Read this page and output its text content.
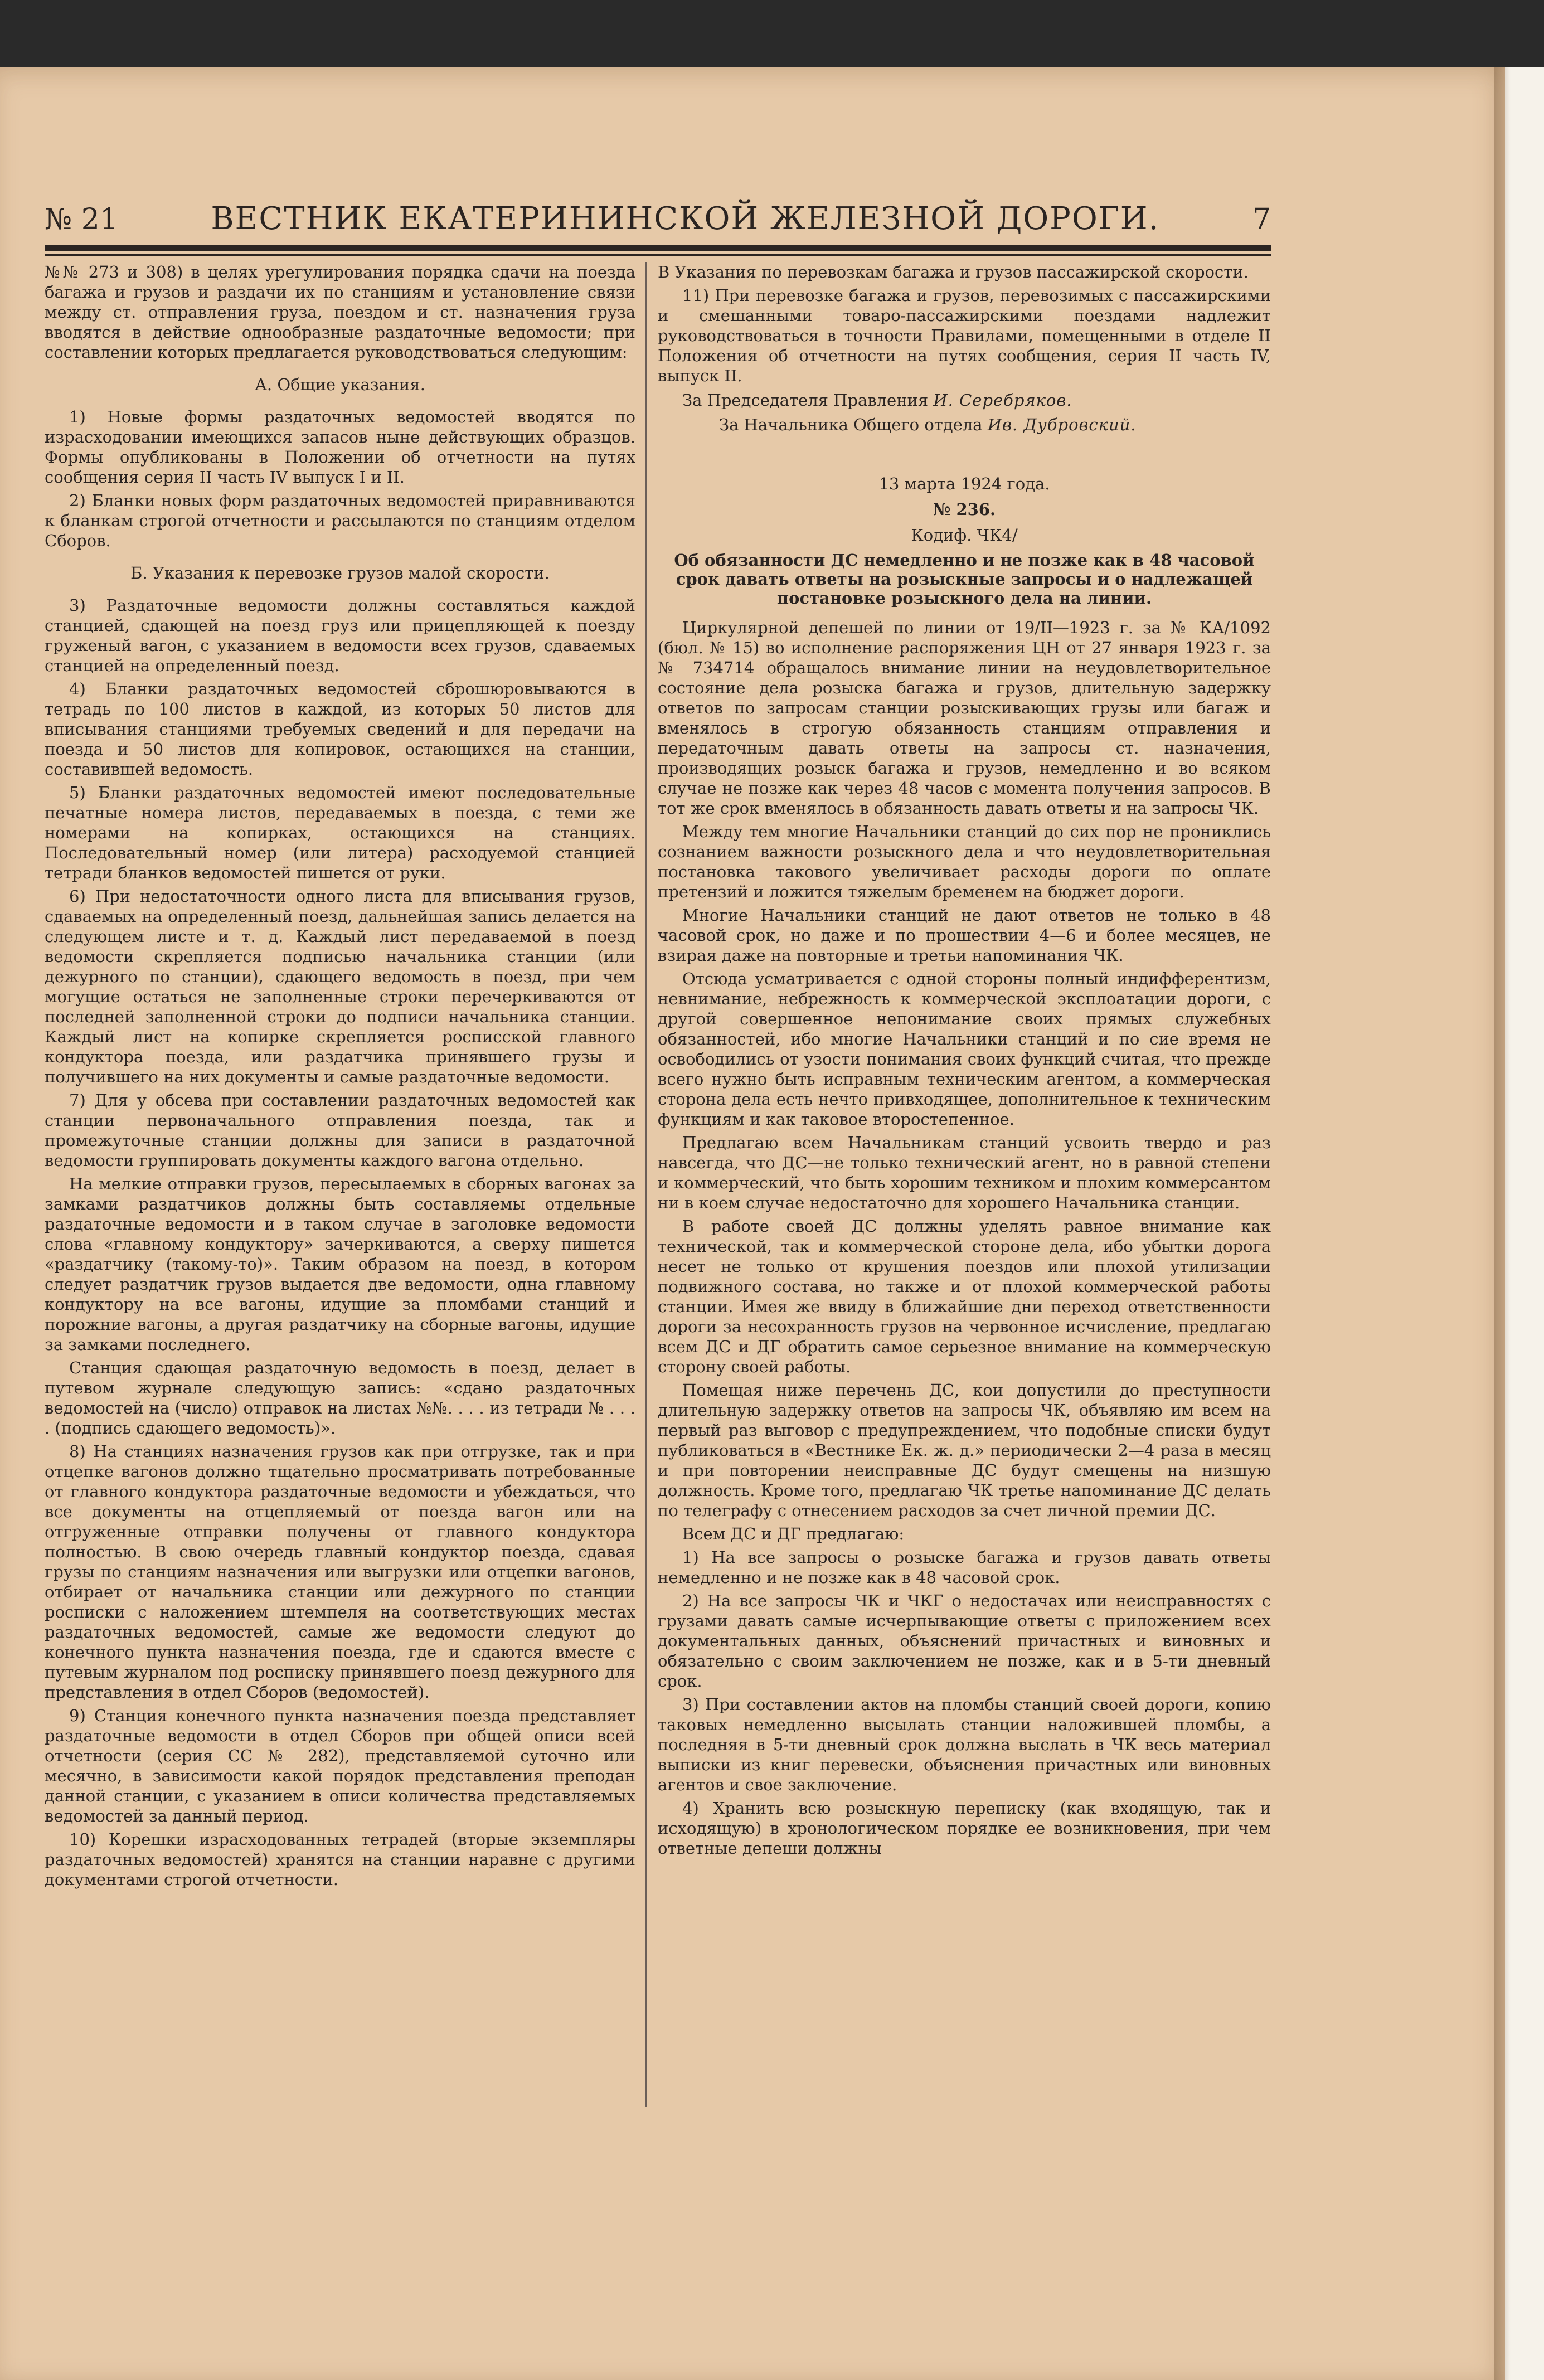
№ 21	ВЕСТНИК ЕКАТЕРИНИНСКОЙ ЖЕЛЕЗНОЙ ДОРОГИ.	7

№№ 273 и 308) в целях урегулирования порядка сдачи на поезда багажа и грузов и раздачи их по станциям и установление связи между ст. отправления груза, поездом и ст. назначения груза вводятся в действие однообразные раздаточные ведомости; при составлении которых предлагается руководствоваться следующим:

А. Общие указания.

1) Новые формы раздаточных ведомостей вводятся по израсходовании имеющихся запасов ныне действующих образцов. Формы опубликованы в Положении об отчетности на путях сообщения серия II часть IV выпуск I и II.

2) Бланки новых форм раздаточных ведомостей приравниваются к бланкам строгой отчетности и рассылаются по станциям отделом Сборов.

Б. Указания к перевозке грузов малой скорости.

3) Раздаточные ведомости должны составляться каждой станцией, сдающей на поезд груз или прицепляющей к поезду груженый вагон, с указанием в ведомости всех грузов, сдаваемых станцией на определенный поезд.

4) Бланки раздаточных ведомостей сброшюровываются в тетрадь по 100 листов в каждой, из которых 50 листов для вписывания станциями требуемых сведений и для передачи на поезда и 50 листов для копировок, остающихся на станции, составившей ведомость.

5) Бланки раздаточных ведомостей имеют последовательные печатные номера листов, передаваемых в поезда, с теми же номерами на копирках, остающихся на станциях. Последовательный номер (или литера) расходуемой станцией тетради бланков ведомостей пишется от руки.

6) При недостаточности одного листа для вписывания грузов, сдаваемых на определенный поезд, дальнейшая запись делается на следующем листе и т. д. Каждый лист передаваемой в поезд ведомости скрепляется подписью начальника станции (или дежурного по станции), сдающего ведомость в поезд, при чем могущие остаться не заполненные строки перечеркиваются от последней заполненной строки до подписи начальника станции. Каждый лист на копирке скрепляется росписской главного кондуктора поезда, или раздатчика принявшего грузы и получившего на них документы и самые раздаточные ведомости.

7) Для у обсева при составлении раздаточных ведомостей как станции первоначального отправления поезда, так и промежуточные станции должны для записи в раздаточной ведомости группировать документы каждого вагона отдельно.

На мелкие отправки грузов, пересылаемых в сборных вагонах за замками раздатчиков должны быть составляемы отдельные раздаточные ведомости и в таком случае в заголовке ведомости слова «главному кондуктору» зачеркиваются, а сверху пишется «раздатчику (такому-то)». Таким образом на поезд, в котором следует раздатчик грузов выдается две ведомости, одна главному кондуктору на все вагоны, идущие за пломбами станций и порожние вагоны, а другая раздатчику на сборные вагоны, идущие за замками последнего.

Станция сдающая раздаточную ведомость в поезд, делает в путевом журнале следующую запись: «сдано раздаточных ведомостей на (число) отправок на листах №№. . . . из тетради № . . . . (подпись сдающего ведомость)».

8) На станциях назначения грузов как при отгрузке, так и при отцепке вагонов должно тщательно просматривать потребованные от главного кондуктора раздаточные ведомости и убеждаться, что все документы на отцепляемый от поезда вагон или на отгруженные отправки получены от главного кондуктора полностью. В свою очередь главный кондуктор поезда, сдавая грузы по станциям назначения или выгрузки или отцепки вагонов, отбирает от начальника станции или дежурного по станции роспиcки с наложением штемпеля на соответствующих местах раздаточных ведомостей, самые же ведомости следуют до конечного пункта назначения поезда, где и сдаются вместе с путевым журналом под роспиcку принявшего поезд дежурного для представления в отдел Сборов (ведомостей).

9) Станция конечного пункта назначения поезда представляет раздаточные ведомости в отдел Сборов при общей описи всей отчетности (серия СС № 282), представляемой суточно или месячно, в зависимости какой порядок представления преподан данной станции, с указанием в описи количества представляемых ведомостей за данный период.

10) Корешки израсходованных тетрадей (вторые экземпляры раздаточных ведомостей) хранятся на станции наравне с другими документами строгой отчетности.

В Указания по перевозкам багажа и грузов пассажирской скорости.

11) При перевозке багажа и грузов, перевозимых с пассажирскими и смешанными товаро-пассажирскими поездами надлежит руководствоваться в точности Правилами, помещенными в отделе II Положения об отчетности на путях сообщения, серия II часть IV, выпуск II.

За Председателя Правления И. Серебряков.

За Начальника Общего отдела Ив. Дубровский.

13 марта 1924 года.

№ 236.

Кодиф. ЧК4/

Об обязанности ДС немедленно и не позже как в 48 часовой срок давать ответы на розыскные запросы и о надлежащей постановке розыскного дела на линии.

Циркулярной депешей по линии от 19/II—1923 г. за № КА/1092 (бюл. № 15) во исполнение распоряжения ЦН от 27 января 1923 г. за № 734714 обращалось внимание линии на неудовлетворительное состояние дела розыска багажа и грузов, длительную задержку ответов по запросам станции розыскивающих грузы или багаж и вменялось в строгую обязанность станциям отправления и передаточным давать ответы на запросы ст. назначения, производящих розыск багажа и грузов, немедленно и во всяком случае не позже как через 48 часов с момента получения запросов. В тот же срок вменялось в обязанность давать ответы и на запросы ЧК.

Между тем многие Начальники станций до сих пор не прониклись сознанием важности розыскного дела и что неудовлетворительная постановка такового увеличивает расходы дороги по оплате претензий и ложится тяжелым бременем на бюджет дороги.

Многие Начальники станций не дают ответов не только в 48 часовой срок, но даже и по прошествии 4—6 и более месяцев, не взирая даже на повторные и третьи напоминания ЧК.

Отсюда усматривается с одной стороны полный индифферентизм, невнимание, небрежность к коммерческой эксплоатации дороги, с другой совершенное непонимание своих прямых служебных обязанностей, ибо многие Начальники станций и по сие время не освободились от узости понимания своих функций считая, что прежде всего нужно быть исправным техническим агентом, а коммерческая сторона дела есть нечто привходящее, дополнительное к техническим функциям и как таковое второстепенное.

Предлагаю всем Начальникам станций усвоить твердо и раз навсегда, что ДС—не только технический агент, но в равной степени и коммерческий, что быть хорошим техником и плохим коммерсантом ни в коем случае недостаточно для хорошего Начальника станции.

В работе своей ДС должны уделять равное внимание как технической, так и коммерческой стороне дела, ибо убытки дорога несет не только от крушения поездов или плохой утилизации подвижного состава, но также и от плохой коммерческой работы станции. Имея же ввиду в ближайшие дни переход ответственности дороги за несохранность грузов на червонное исчисление, предлагаю всем ДС и ДГ обратить самое серьезное внимание на коммерческую сторону своей работы.

Помещая ниже перечень ДС, кои допустили до преступности длительную задержку ответов на запросы ЧК, объявляю им всем на первый раз выговор с предупреждением, что подобные списки будут публиковаться в «Вестнике Ек. ж. д.» периодически 2—4 раза в месяц и при повторении неисправные ДС будут смещены на низшую должность. Кроме того, предлагаю ЧК третье напоминание ДС делать по телеграфу с отнесением расходов за счет личной премии ДС.

Всем ДС и ДГ предлагаю:

1) На все запросы о розыске багажа и грузов давать ответы немедленно и не позже как в 48 часовой срок.

2) На все запросы ЧК и ЧКГ о недостачах или неисправностях с грузами давать самые исчерпывающие ответы с приложением всех документальных данных, объяснений причастных и виновных и обязательно с своим заключением не позже, как и в 5-ти дневный срок.

3) При составлении актов на пломбы станций своей дороги, копию таковых немедленно высылать станции наложившей пломбы, а последняя в 5-ти дневный срок должна выслать в ЧК весь материал выписки из книг перевески, объяснения причастных или виновных агентов и свое заключение.

4) Хранить всю розыскную переписку (как входящую, так и исходящую) в хронологическом порядке ее возникновения, при чем ответные депеши должны
